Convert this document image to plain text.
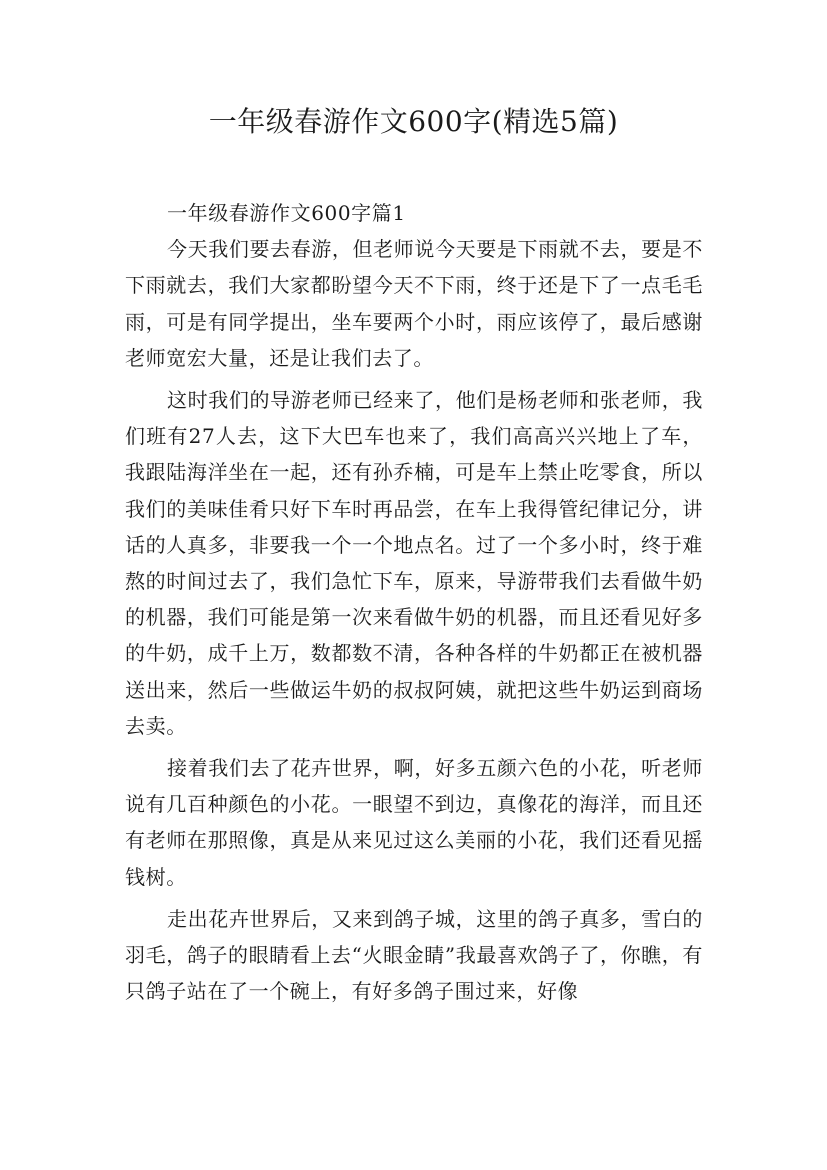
一年级春游作文600字(精选5篇)

一年级春游作文600字篇1

今天我们要去春游，但老师说今天要是下雨就不去，要是不下雨就去，我们大家都盼望今天不下雨，终于还是下了一点毛毛雨，可是有同学提出，坐车要两个小时，雨应该停了，最后感谢老师宽宏大量，还是让我们去了。

这时我们的导游老师已经来了，他们是杨老师和张老师，我们班有27人去，这下大巴车也来了，我们高高兴兴地上了车，我跟陆海洋坐在一起，还有孙乔楠，可是车上禁止吃零食，所以我们的美味佳肴只好下车时再品尝，在车上我得管纪律记分，讲话的人真多，非要我一个一个地点名。过了一个多小时，终于难熬的时间过去了，我们急忙下车，原来，导游带我们去看做牛奶的机器，我们可能是第一次来看做牛奶的机器，而且还看见好多的牛奶，成千上万，数都数不清，各种各样的牛奶都正在被机器送出来，然后一些做运牛奶的叔叔阿姨，就把这些牛奶运到商场去卖。

接着我们去了花卉世界，啊，好多五颜六色的小花，听老师说有几百种颜色的小花。一眼望不到边，真像花的海洋，而且还有老师在那照像，真是从来见过这么美丽的小花，我们还看见摇钱树。

走出花卉世界后，又来到鸽子城，这里的鸽子真多，雪白的羽毛，鸽子的眼睛看上去“火眼金睛”我最喜欢鸽子了，你瞧，有只鸽子站在了一个碗上，有好多鸽子围过来，好像
